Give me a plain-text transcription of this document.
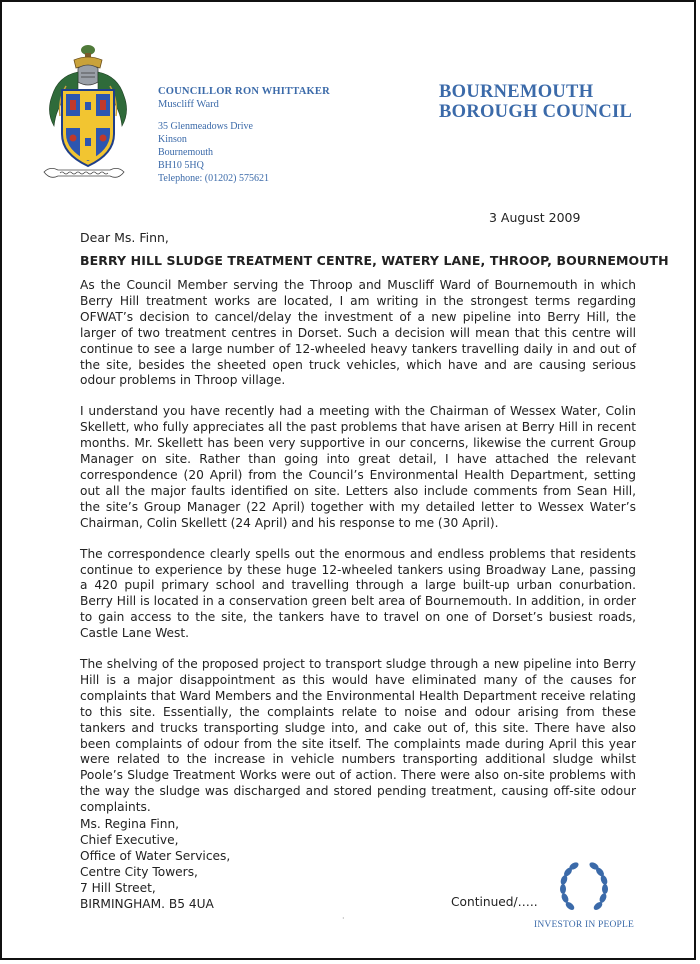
COUNCILLOR RON WHITTAKER
Muscliff Ward
35 Glenmeadows Drive
Kinson
Bournemouth
BH10 5HQ
Telephone: (01202) 575621
BOURNEMOUTH
BOROUGH COUNCIL
3 August 2009
Dear Ms. Finn,
BERRY HILL SLUDGE TREATMENT CENTRE, WATERY LANE, THROOP, BOURNEMOUTH

As the Council Member serving the Throop and Muscliff Ward of Bournemouth in which Berry Hill treatment works are located, I am writing in the strongest terms regarding OFWAT’s decision to cancel/delay the investment of a new pipeline into Berry Hill, the larger of two treatment centres in Dorset. Such a decision will mean that this centre will continue to see a large number of 12-wheeled heavy tankers travelling daily in and out of the site, besides the sheeted open truck vehicles, which have and are causing serious odour problems in Throop village.

I understand you have recently had a meeting with the Chairman of Wessex Water, Colin Skellett, who fully appreciates all the past problems that have arisen at Berry Hill in recent months. Mr. Skellett has been very supportive in our concerns, likewise the current Group Manager on site. Rather than going into great detail, I have attached the relevant correspondence (20 April) from the Council’s Environmental Health Department, setting out all the major faults identified on site. Letters also include comments from Sean Hill, the site’s Group Manager (22 April) together with my detailed letter to Wessex Water’s Chairman, Colin Skellett (24 April) and his response to me (30 April).

The correspondence clearly spells out the enormous and endless problems that residents continue to experience by these huge 12-wheeled tankers using Broadway Lane, passing a 420 pupil primary school and travelling through a large built-up urban conurbation. Berry Hill is located in a conservation green belt area of Bournemouth. In addition, in order to gain access to the site, the tankers have to travel on one of Dorset’s busiest roads, Castle Lane West.

The shelving of the proposed project to transport sludge through a new pipeline into Berry Hill is a major disappointment as this would have eliminated many of the causes for complaints that Ward Members and the Environmental Health Department receive relating to this site. Essentially, the complaints relate to noise and odour arising from these tankers and trucks transporting sludge into, and cake out of, this site. There have also been complaints of odour from the site itself. The complaints made during April this year were related to the increase in vehicle numbers transporting additional sludge whilst Poole’s Sludge Treatment Works were out of action. There were also on-site problems with the way the sludge was discharged and stored pending treatment, causing off-site odour complaints.

Ms. Regina Finn,
Chief Executive,
Office of Water Services,
Centre City Towers,
7 Hill Street,
BIRMINGHAM. B5 4UA	Continued/…..
INVESTOR IN PEOPLE
·
